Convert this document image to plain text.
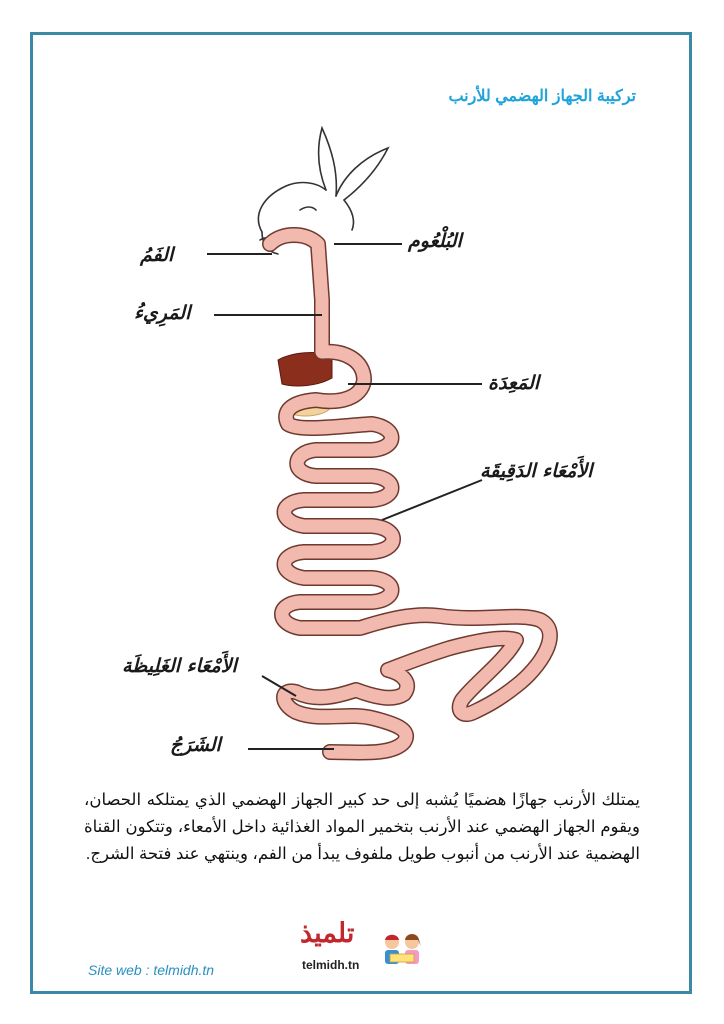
تركيبة الجهاز الهضمي للأرنب
البُلْعُوم
الفَمُ
المَرِيءُ
المَعِدَة
الأَمْعَاء الدَقِيقَة
الأَمْعَاء الغَلِيظَة
الشَرَجُ
يمتلك الأرنب جهازًا هضميًا يُشبه إلى حد كبير الجهاز الهضمي الذي يمتلكه الحصان، ويقوم الجهاز الهضمي عند الأرنب بتخمير المواد الغذائية داخل الأمعاء، وتتكون القناة الهضمية عند الأرنب من أنبوب طويل ملفوف يبدأ من الفم، وينتهي عند فتحة الشرج.
Site web : telmidh.tn
تلميذ
telmidh.tn
